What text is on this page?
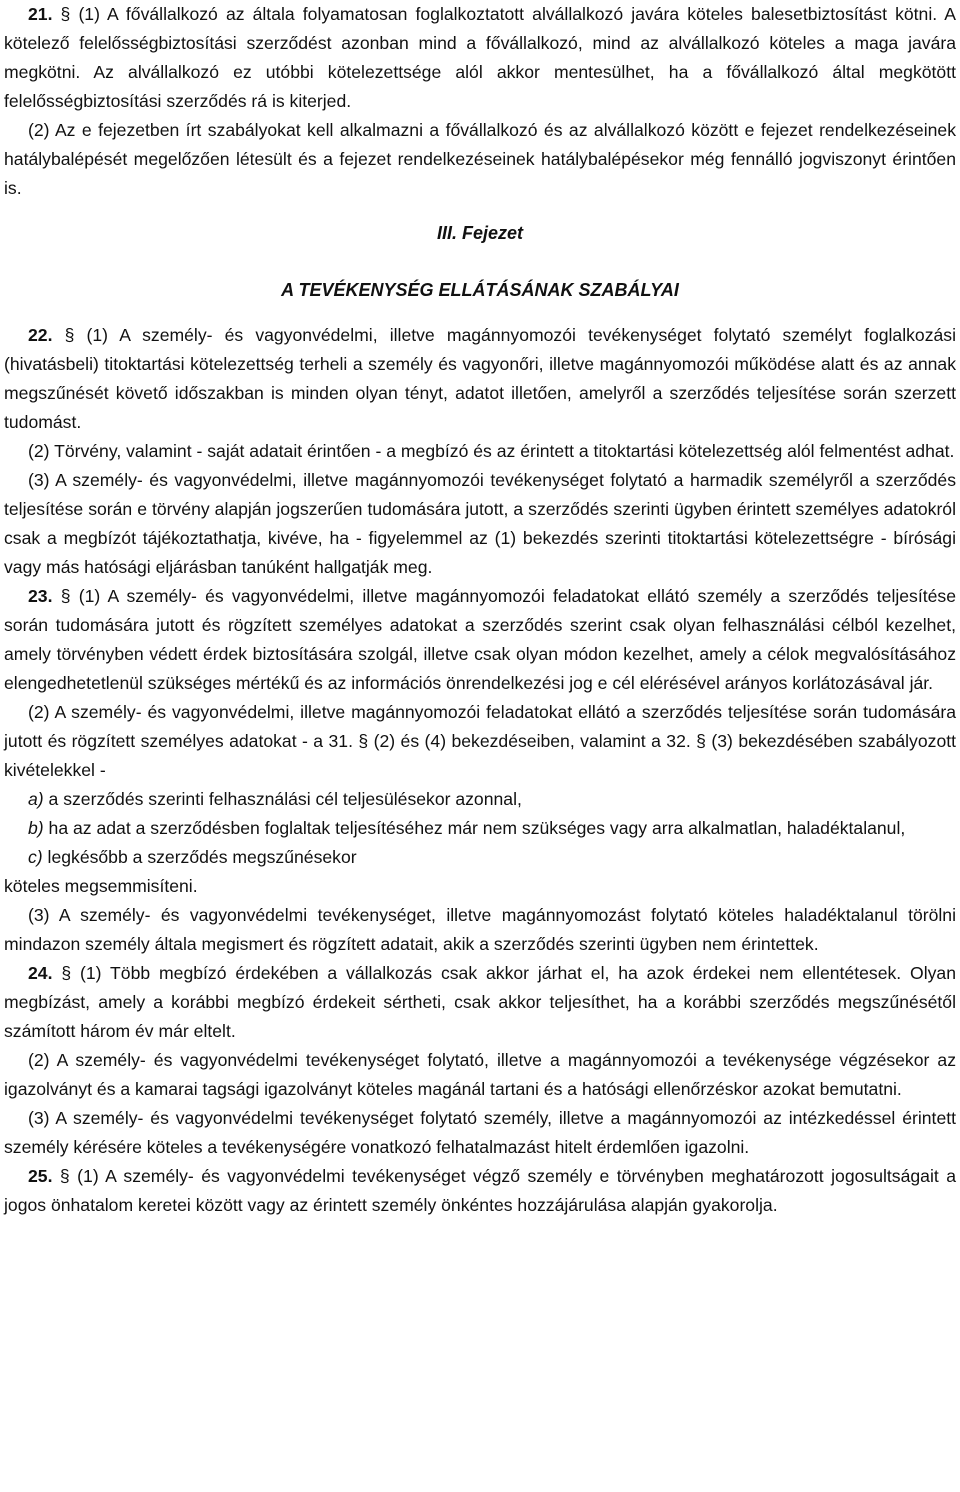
21. § (1) A fővállalkozó az általa folyamatosan foglalkoztatott alvállalkozó javára köteles balesetbiztosítást kötni. A kötelező felelősségbiztosítási szerződést azonban mind a fővállalkozó, mind az alvállalkozó köteles a maga javára megkötni. Az alvállalkozó ez utóbbi kötelezettsége alól akkor mentesülhet, ha a fővállalkozó által megkötött felelősségbiztosítási szerződés rá is kiterjed.

(2) Az e fejezetben írt szabályokat kell alkalmazni a fővállalkozó és az alvállalkozó között e fejezet rendelkezéseinek hatálybalépését megelőzően létesült és a fejezet rendelkezéseinek hatálybalépésekor még fennálló jogviszonyt érintően is.

III. Fejezet

A TEVÉKENYSÉG ELLÁTÁSÁNAK SZABÁLYAI

22. § (1) A személy- és vagyonvédelmi, illetve magánnyomozói tevékenységet folytató személyt foglalkozási (hivatásbeli) titoktartási kötelezettség terheli a személy és vagyonőri, illetve magánnyomozói működése alatt és az annak megszűnését követő időszakban is minden olyan tényt, adatot illetően, amelyről a szerződés teljesítése során szerzett tudomást.

(2) Törvény, valamint - saját adatait érintően - a megbízó és az érintett a titoktartási kötelezettség alól felmentést adhat.

(3) A személy- és vagyonvédelmi, illetve magánnyomozói tevékenységet folytató a harmadik személyről a szerződés teljesítése során e törvény alapján jogszerűen tudomására jutott, a szerződés szerinti ügyben érintett személyes adatokról csak a megbízót tájékoztathatja, kivéve, ha - figyelemmel az (1) bekezdés szerinti titoktartási kötelezettségre - bírósági vagy más hatósági eljárásban tanúként hallgatják meg.

23. § (1) A személy- és vagyonvédelmi, illetve magánnyomozói feladatokat ellátó személy a szerződés teljesítése során tudomására jutott és rögzített személyes adatokat a szerződés szerint csak olyan felhasználási célból kezelhet, amely törvényben védett érdek biztosítására szolgál, illetve csak olyan módon kezelhet, amely a célok megvalósításához elengedhetetlenül szükséges mértékű és az információs önrendelkezési jog e cél elérésével arányos korlátozásával jár.

(2) A személy- és vagyonvédelmi, illetve magánnyomozói feladatokat ellátó a szerződés teljesítése során tudomására jutott és rögzített személyes adatokat - a 31. § (2) és (4) bekezdéseiben, valamint a 32. § (3) bekezdésében szabályozott kivételekkel -

a) a szerződés szerinti felhasználási cél teljesülésekor azonnal,

b) ha az adat a szerződésben foglaltak teljesítéséhez már nem szükséges vagy arra alkalmatlan, haladéktalanul,

c) legkésőbb a szerződés megszűnésekor

köteles megsemmisíteni.

(3) A személy- és vagyonvédelmi tevékenységet, illetve magánnyomozást folytató köteles haladéktalanul törölni mindazon személy általa megismert és rögzített adatait, akik a szerződés szerinti ügyben nem érintettek.

24. § (1) Több megbízó érdekében a vállalkozás csak akkor járhat el, ha azok érdekei nem ellentétesek. Olyan megbízást, amely a korábbi megbízó érdekeit sértheti, csak akkor teljesíthet, ha a korábbi szerződés megszűnésétől számított három év már eltelt.

(2) A személy- és vagyonvédelmi tevékenységet folytató, illetve a magánnyomozói a tevékenysége végzésekor az igazolványt és a kamarai tagsági igazolványt köteles magánál tartani és a hatósági ellenőrzéskor azokat bemutatni.

(3) A személy- és vagyonvédelmi tevékenységet folytató személy, illetve a magánnyomozói az intézkedéssel érintett személy kérésére köteles a tevékenységére vonatkozó felhatalmazást hitelt érdemlően igazolni.

25. § (1) A személy- és vagyonvédelmi tevékenységet végző személy e törvényben meghatározott jogosultságait a jogos önhatalom keretei között vagy az érintett személy önkéntes hozzájárulása alapján gyakorolja.
